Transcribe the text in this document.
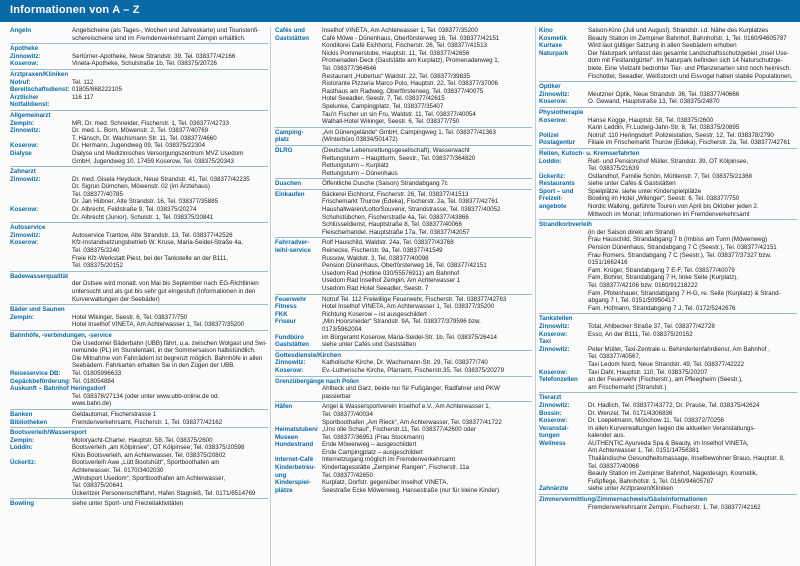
Informationen von A – Z
Angeln	Angelscheine (als Tages-, Wochen und Jahreskarte) und Touristenfi-
schereischeine sind im Fremdenverkehrsamt Zempin erhältlich.
Apotheke
Zinnowitz:	Sertürner-Apotheke, Neue Strandstr. 39, Tel. 038377/42166
Koserow:	Vineta-Apotheke, Schulstraße 1b, Tel. 038375/20726
Arztpraxen/Kliniken
Notruf:	Tel. 112
Bereitschaftsdienst: 01805/868222105
Ärztlicher Notfalldienst:
116 117
Allgemeinarzt
Zempin:	MR. Dr. med. Schneider, Fischerstr. 1, Tel. 038377/42733
Zinnowitz:	Dr. med. L. Born, Möwenstr. 2, Tel. 038377/40769
T. Hänsch, Dr. Wachsmann Str. 11, Tel. 038377/4660
Koserow:	Dr. Hermann, Jugendweg 09, Tel. 038375/22304
Dialyse	Dialyse und Medizinisches Versorgungszentrum MVZ Usedom
GmbH, Jugendweg 10, 17459 Koserow, Tel. 038375/20343
Zahnarzt
Zinnowitz:	Dr. med. Gisela Heyduck, Neue Strandstr. 41, Tel. 038377/42235
Dr. Sigrun Dümchen, Möwenstr. 02 (im Ärztehaus)
Tel. 038377/40785
Dr. Jan Hübner, Alte Strandstr. 16, Tel. 038377/35885
Koserow:	Dr. Albrecht, Feldstraße 9, Tel. 038375/20274
Dr. Albrecht (Junior), Schulstr. 1, Tel. 038375/20841
Autoservice
Zinnowitz:	Autoservice Trantow, Alte Strandstr. 13, Tel. 038377/42526
Koserow:	Kfz-Instandsetzungsbetrieb W. Kruse, Maria-Seidel-Straße 4a,
Tel. 038375/2240
Freie Kfz-Werkstatt Piest, bei der Tankstelle an der B111,
Tel. 038375/20152
Badewasserqualität
der Ostsee wird monatl. von Mai bis September nach EG-Richtlinien
untersucht und als gut bis sehr gut eingestuft (Informationen in den
Kurverwaltungen der Seebäder)
Bäder und Saunen
Zempin:	Hotel Wikinger, Seestr. 6, Tel. 038377/750
Hotel Inselhof VINETA, Am Achterwasser 1, Tel. 038377/35200
Bahnhöfe, -verbindungen, -service
Die Usedomer Bäderbahn (UBB) fährt, u.a. zwischen Wolgast und Swi-
nemünde (PL) im Stundentakt, in der Sommersaison halbstündlich.
Die Mitnahme von Fahrrädern ist begrenzt möglich. Bahnhöfe in allen
Seebädern. Fahrkarten erhalten Sie in den Zügen der UBB.
Reiseservice DB:	Tel. 01805996633
Gepäckbeförderung: Tel. 018054884
Auskunft – Bahnhof Heringsdorf
Tel. 038378/27134 (oder unter www.ubb-online.de od.
www.bahn.de)
Banken	Geldautomat, Fischerstrasse 1
Bibliotheken	Fremdenverkehrsamt, Fischerstr. 1, Tel. 038377/42162
Bootsverleih/Wassersport
Zempin:	Motoryacht-Charter, Hauptstr. 58, Tel. 038375/2600
Loddin:	Bootsverleih „am Kölpinsee“, OT Kölpinsee; Tel. 038375/20598
Kikis Bootsverleih, am Achterwasser, Tel. 038375/20802
Ückeritz:	Bootsverleih Awe „Lütt Bootshütt“, Sportboothafen am
Achterwasser, Tel. 0170/3402030
„Windsport Usedom“, Sportboothafen am Achterwasser,
Tel. 038375/20641
Ückeritzer Personenschifffahrt, Hafen Stagnieß, Tel. 0171/6514769
Bowling	siehe unter Sport- und Freizeitaktivitäten
Cafés und	Inselhof VINETA, Am Achterwasser 1, Tel. 038377/35200
Gaststätten	Café Möwe - Dünenhaus, Oberförsterweg 16, Tel. 038377/42151
Konditorei Café Eichhorst, Fischerstr. 26, Tel. 038377/41513
Nickis Pommerstube, Hauptstr. 11, Tel. 038377/42656
Promenaden-Deck (Gaststätte am Kurplatz), Promenadenweg 1,
Tel. 038377/364646
Restaurant „Hubertus“ Waldstr. 22, Tel. 038377/39835
Ristorante Pizzeria Marco Polo, Hauptstr. 22, Tel. 038377/37006
Rasthaus am Radweg, Oberförsterweg, Tel. 038377/40075
Hotel Seeadler, Seestr. 7, Tel. 038377/42615
Spelunke, Campingplatz, Tel. 038377/35407
Tau'n Fischer un sin Fru, Waldstr. 11, Tel. 038377/40054
Walhall-Hotel Wikinger, Seestr. 6, Tel. 038377/750
Camping-	„Am Dünengelände“ GmbH, Campingweg 1, Tel. 038377/41363
platz	(Winterbüro 03834/501472)
DLRG	(Deutsche Lebensrettungsgesellschaft), Wasserwacht
Rettungsturm – Hauptturm, Seestr., Tel. 038377/364820
Rettungsturm – Kurplatz
Rettungsturm – Dünenhaus
Duschen	Öffentliche Dusche (Saison) Strandabgang 7c
Einkaufen	Bäckerei Eichhorst, Fischerstr. 26, Tel. 038377/41513
Frischemarkt Thurow (Edeka), Fischerstr. 2a, Tel. 038377/42761
Haushaltwaren/Lotto/Souvenir, Strandstrasse, Tel. 038377/40052
Schuhstübchen, Fischerstraße 4a, Tel. 038377/43866
Schlüsseldienst, Hauptstraße 8, Tel. 038377/40066
Fleischerhandel, Hauptstraße 17a, Tel. 038377/42057
Fahrradver-	Rolf Hauschild, Waldstr. 24a, Tel. 038377/43768
leih/-service	Reinecke, Fischerstr. 9a, Tel. 038377/41549
Russow, Waldstr. 3, Tel. 038377/40098
Pension Dünenhaus, Oberförsterweg 16, Tel. 038377/42151
Usedom Rad (Hotline 030/55576911) am Bahnhof
Usedom Rad Inselhof Zempin, Am Achterwasser 1
Usedom Rad Hotel Seeadler, Seestr. 7
Feuerwehr	Notruf Tel. 112 Freiwillige Feuerwehr, Fischerstr. Tel. 038377/42763
Fitness	Hotel Inselhof VINETA, Am Achterwasser 1, Tel. 038377/35200
FKK	Richtung Koserow – ist ausgeschildert
Friseur	„Min Hoorsnieder“ Strandstr. 9A, Tel. 038377/379596 bzw.
0173/5962004
Fundbüro	im Bürgeramt Koserow, Maria-Seidel-Str. 1b, Tel. 038375/26414
Gaststätten	siehe unter Cafés und Gaststätten
Gottesdienste/Kirchen
Zinnowitz:	Katholische Kirche, Dr. Wachsmann-Str. 29, Tel. 038377/740
Koserow:	Ev.-Lutherische Kirche, Pfarramt, Fischerstr.35, Tel. 038375/20279
Grenzübergänge nach Polen
Ahlbeck und Garz, beide nur für Fußgänger, Radfahrer und PKW
passierbar
Häfen	Angel & Wassersportverein Inselhof e.V., Am Achterwasser 1,
Tel. 038377/40034
Sportboothafen „Am Rieck“, Am Achterwasser, Tel. 038377/41722
Heimatstuben/ „Uns olle Schaul“, Fischerstr.11, Tel. 038377/42600 oder
Museen	Tel. 038377/36951 (Frau Stockmann)
Hundestrand	Ende Möwenweg – ausgeschildert
Ende Campingplatz – ausgeschildert
Internet-Café	Internetzugang möglich im Fremdenverkehrsamt
Kinderbetreu-	Kindertagesstätte „Zempiner Rangen“, Fischerstr. 11a
ung	Tel. 038377/42650
Kinderspiel-	Kurplatz, Dorfstr. gegenüber Inselhof VINETA,
plätze	Seestraße Ecke Möwenweg, Hansestraße (nur für kleine Kinder)
Kino	Saison-Kino (Juli und August), Strandstr. i.d. Nähe des Kurplatzes
Kosmetik	Beauty Station im Zempiner Bahnhof, Bahnhofstr. 1, Tel. 0160/94605787
Kurtaxe	Wird laut gültiger Satzung in allen Seebädern erhoben
Naturpark	Der Naturpark umfasst das gesamte Landschaftsschutzgebiet „Insel Use-
dom mit Festlandgürtel“. Im Naturpark befinden sich 14 Naturschutzge-
biete. Eine Vielzahl bedrohter Tier- und Pflanzenarten sind noch heimisch.
Fischotter, Seeadler, Weißstorch und Eisvogel haben stabile Populationen.
Optiker
Zinnowitz:	Meutzner Optik, Neue Strandstr. 36, Tel. 038377/40666
Koserow:	O. Gewand, Hauptstraße 13, Tel. 038375/24870
Physiotherapie
Koserow:	Hanse Kogge, Hauptstr. 58, Tel. 038375/2600
Karin Leddin, Fr.Ludwig-Jahn-Str. 8, Tel. 038375/20895
Polizei	Notruf: 110 Heringsdorf: Polizeistation, Seestr. 12, Tel. 038378/2790
Postagentur	Filiale im Frischemarkt Thurow (Edeka), Fischerstr. 2a, Tel. 038377/42761
Reiten, Kutsch- u. Kremserfahrten
Loddin:	Reit- und Pensionshof Müller, Strandstr. 39, OT Kölpinsee,
Tel. 038375/21639
Ückeritz:	Ostlandhof, Familie Schön, Mühlenstr. 7, Tel. 038375/21368
Restaurants	siehe unter Cafés & Gaststätten
Sport – und	Spielplätze: siehe unter Kinderspielplätze
Freizeit-	Bowling im Hotel „Wikinger“, Seestr. 6, Tel. 038377/750
angebote	Nordic Walking, geführte Touren von April bis Oktober jeden 2.
Mittwoch im Monat; Informationen im Fremdenverkehrsamt
Strandkorbverleih
(in der Saison direkt am Strand)
Frau Hauschild, Strandabgang 7 b (Imbiss am Turm (Möwenweg)
Pension Dünenhaus, Strandabgang 7 C (Seestr.), Tel. 038377/42151
Frau Romers, Strandabgang 7 C (Seestr.), Tel. 038377/37327 bzw.
0151/1662416
Fam. Krüger, Strandabgang 7 E-F, Tel. 038377/40079
Fam. Bohrer, Strandabgang 7 H, linke Seite (Kurplatz),
Tel. 038377/42106 bzw. 0160/91218222
Fam. Pfotenhauer, Strandabgang 7 H-G, re. Seite (Kurplatz) & Strand-
abgang 7 I, Tel. 0151/50950417
Fam. Hofmann, Strandabgang 7 J, Tel. 0172/5242676
Tankstellen
Zinnowitz:	Total, Ahlbecker Straße 37, Tel. 038377/42728
Koserow:	Esso, An der B111, Tel. 038375/20152
Taxi
Zinnowitz:	Peter Müller, Taxi-Zentrale u. Behindertenfahrdienst, Am Bahnhof ,
Tel. 038377/40567,
Taxi Ledom Nord, Neue Strandstr. 49, Tel. 038377/42222
Koserow:	Taxi Dahl, Hauptstr. 110, Tel. 038375/20207
Telefonzellen	an der Feuerwehr (Fischerstr.), am Pfleegheim (Seestr.),
am Frischemarkt (Strandstr.)
Tierarzt
Zinnowitz:	Dr. Hadlich, Tel. 038377/43772, Dr. Prause, Tel. 038375/42624
Bossin:	Dr. Wenzel, Tel. 0171/4306836
Koserow:	Dr. Loepelmann, Mönchow 11, Tel. 038372/70256
Veranstal-	In allen Kurverwaltungen liegen die aktuellen Veranstaltungs-
tungen	kalender aus.
Wellness	AUTHENTIC Ayurveda Spa & Beauty, im Inselhof VINETA,
Am Achterwasser 1, Tel. 0151/14756381
Thailändische Gesundheitsmassage, Inselbewohner Brauo, Hauptstr. 8,
Tel. 038377/40066
Beauty Station im Zempiner Bahnhof, Nageldesign, Kosmetik,
Fußpflege, Bahnhofstr. 1, Tel. 0160/94605787
Zahnärzte	siehe unter Arztpraxen/Kliniken
Zimmervermittlung/Zimmernachweis/Gästeinformationen
Fremdenverkehrsamt Zempin, Fischerstr. 1, Tel. 038377/42162
